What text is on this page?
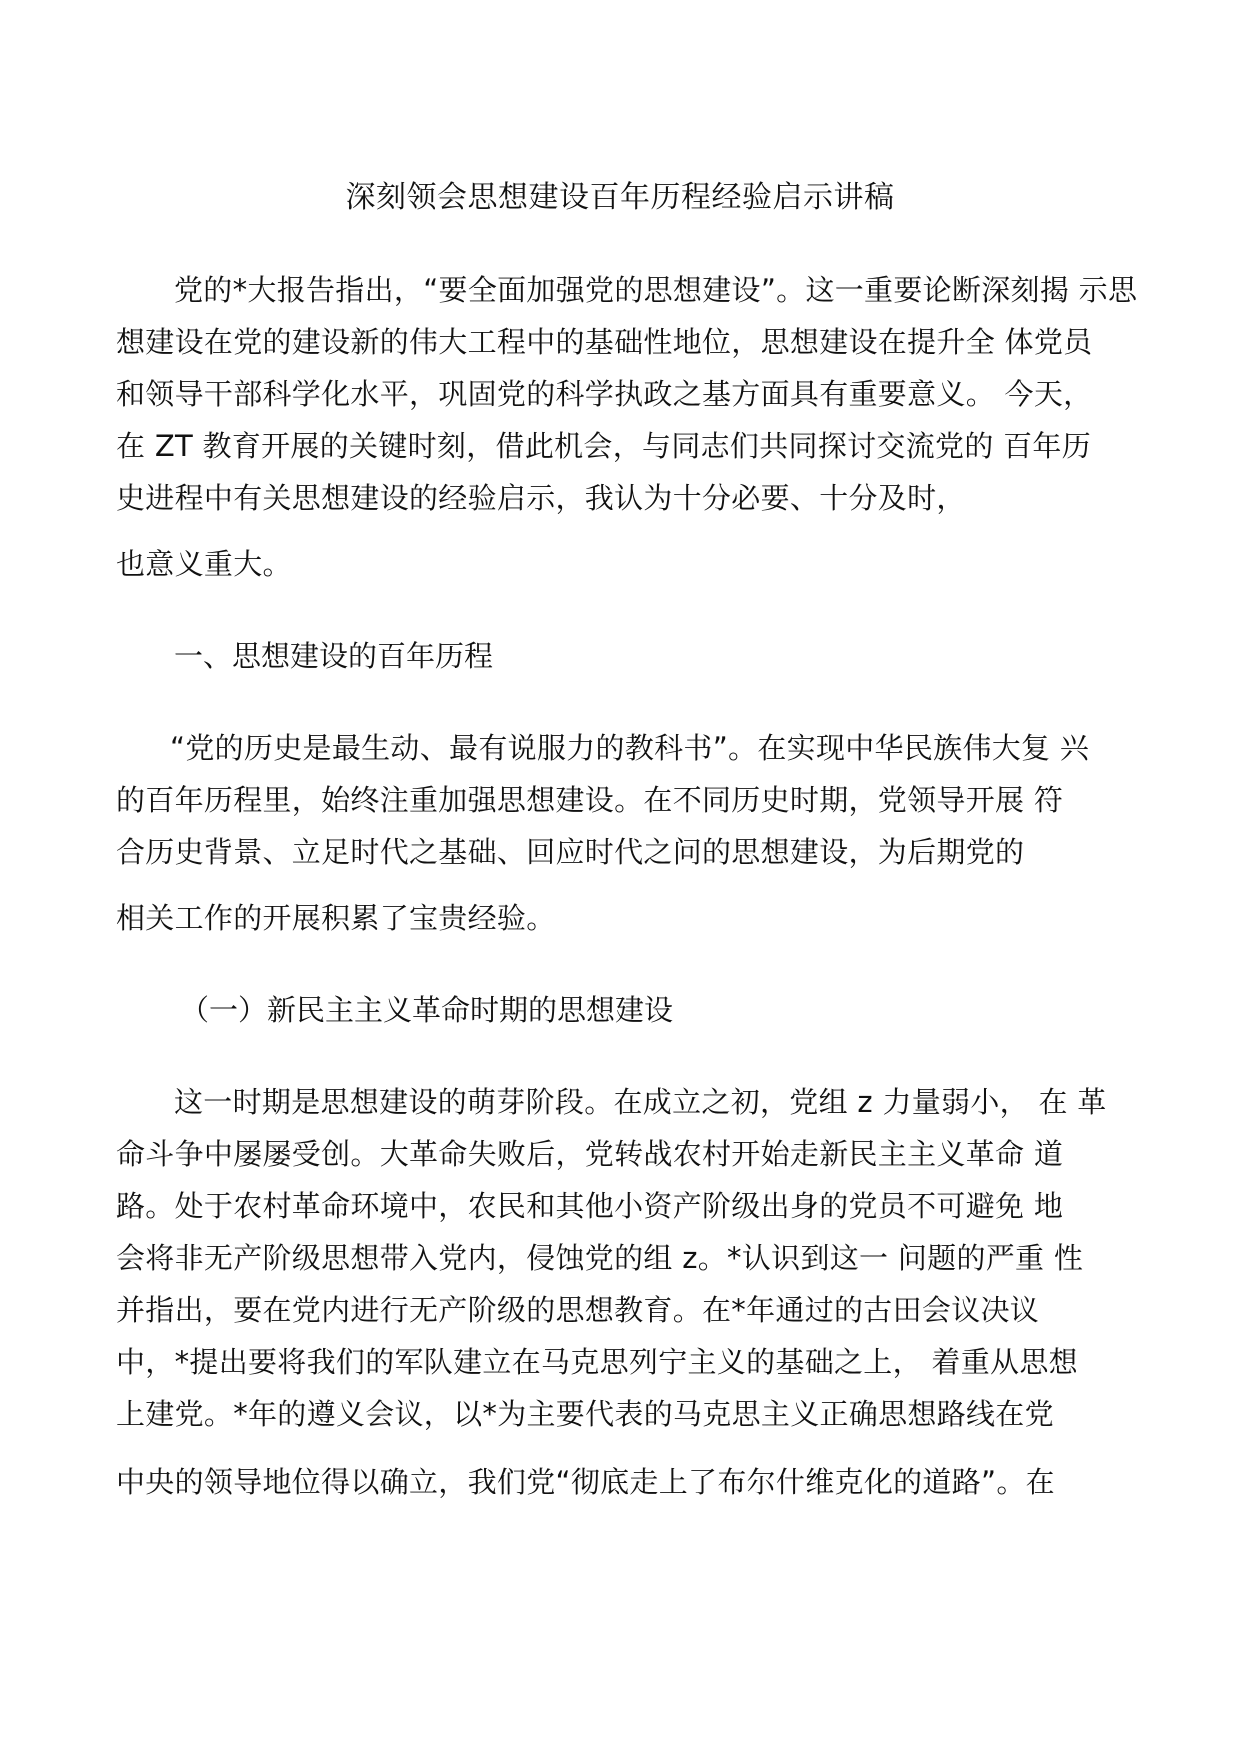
深刻领会思想建设百年历程经验启示讲稿
党的*大报告指出，“要全面加强党的思想建设”。这一重要论断深刻揭 示思
想建设在党的建设新的伟大工程中的基础性地位，思想建设在提升全 体党员
和领导干部科学化水平，巩固党的科学执政之基方面具有重要意义。 今天，
在 ZT 教育开展的关键时刻，借此机会，与同志们共同探讨交流党的 百年历
史进程中有关思想建设的经验启示，我认为十分必要、十分及时，
也意义重大。
一、思想建设的百年历程
“党的历史是最生动、最有说服力的教科书”。在实现中华民族伟大复 兴
的百年历程里，始终注重加强思想建设。在不同历史时期，党领导开展 符
合历史背景、立足时代之基础、回应时代之问的思想建设，为后期党的
相关工作的开展积累了宝贵经验。
（一）新民主主义革命时期的思想建设
这一时期是思想建设的萌芽阶段。在成立之初，党组 z 力量弱小， 在 革
命斗争中屡屡受创。大革命失败后，党转战农村开始走新民主主义革命 道
路。处于农村革命环境中，农民和其他小资产阶级出身的党员不可避免 地
会将非无产阶级思想带入党内，侵蚀党的组 z。*认识到这一 问题的严重 性
并指出，要在党内进行无产阶级的思想教育。在*年通过的古田会议决议
中，*提出要将我们的军队建立在马克思列宁主义的基础之上， 着重从思想
上建党。*年的遵义会议，以*为主要代表的马克思主义正确思想路线在党
中央的领导地位得以确立，我们党“彻底走上了布尔什维克化的道路”。在
